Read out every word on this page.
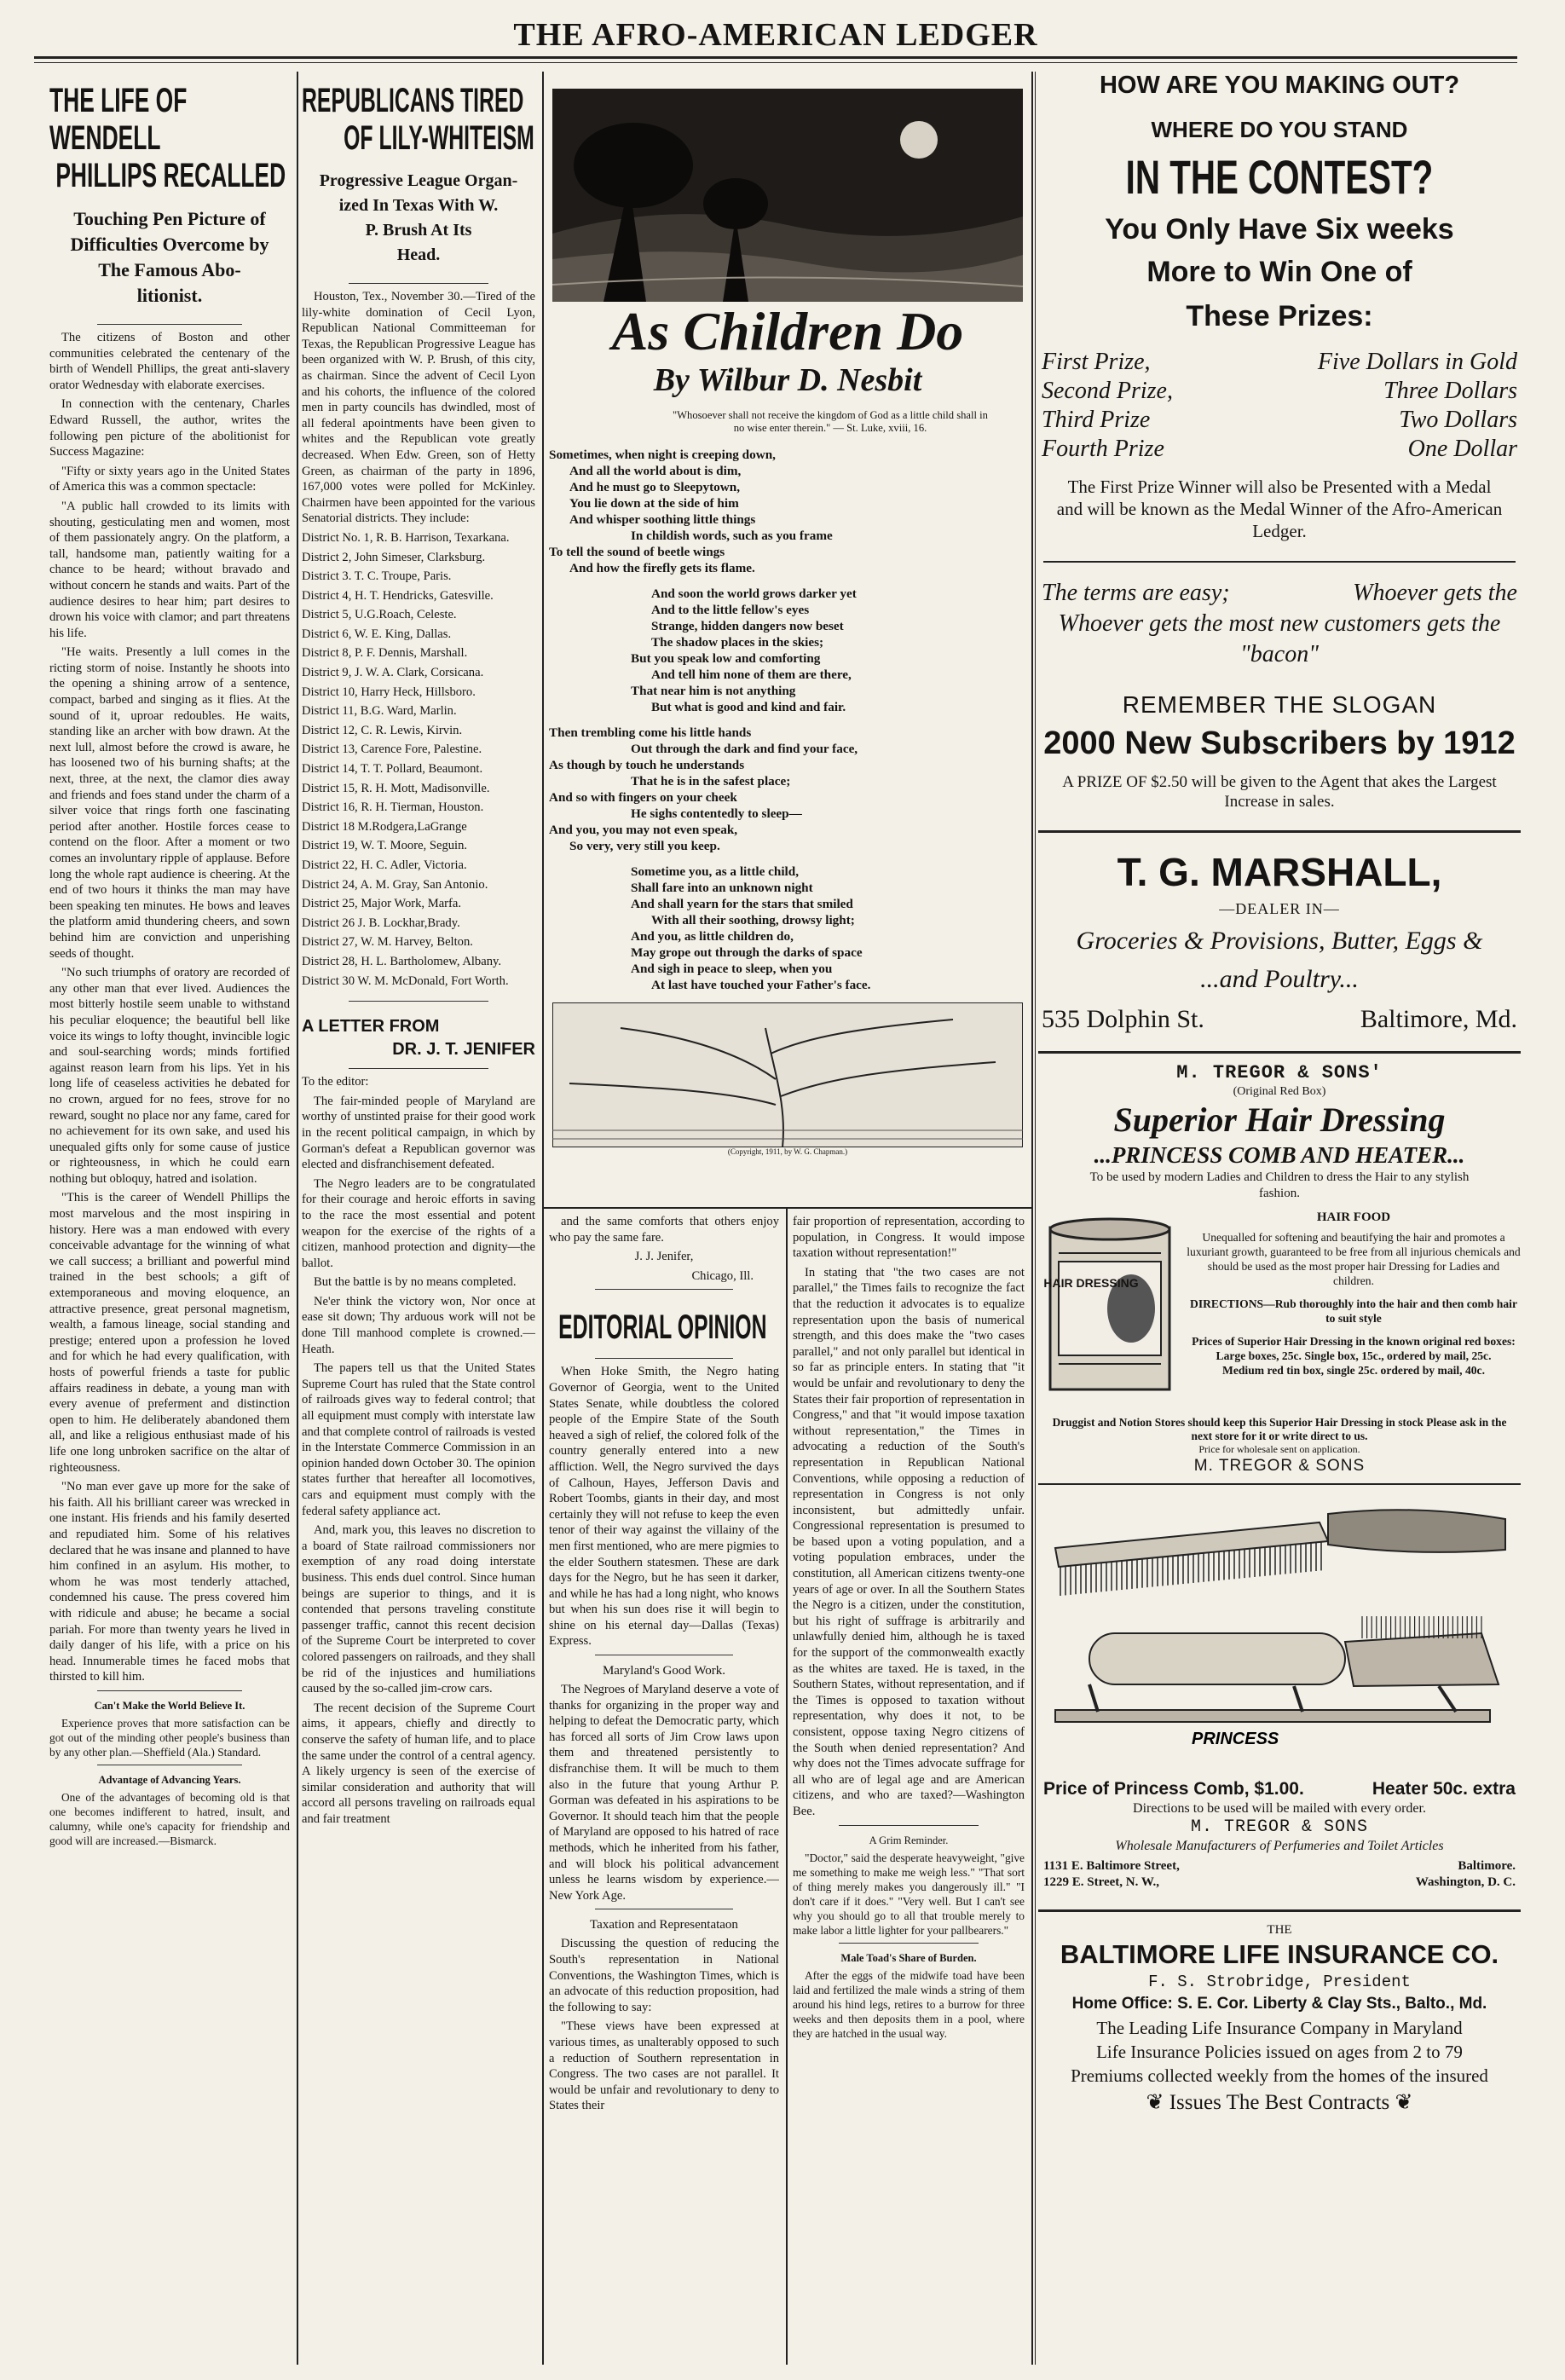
THE AFRO-AMERICAN LEDGER
THE LIFE OF WENDELL
PHILLIPS RECALLED
Touching Pen Picture of
Difficulties Overcome by
The Famous Abo-
litionist.

The citizens of Boston and other communities celebrated the centenary of the birth of Wendell Phillips, the great anti-slavery orator Wednesday with elaborate exercises.

In connection with the centenary, Charles Edward Russell, the author, writes the following pen picture of the abolitionist for Success Magazine:

"Fifty or sixty years ago in the United States of America this was a common spectacle:

"A public hall crowded to its limits with shouting, gesticulating men and women, most of them passionately angry. On the platform, a tall, handsome man, patiently waiting for a chance to be heard; without bravado and without concern he stands and waits. Part of the audience desires to hear him; part desires to drown his voice with clamor; and part threatens his life.

"He waits. Presently a lull comes in the ricting storm of noise. Instantly he shoots into the opening a shining arrow of a sentence, compact, barbed and singing as it flies. At the sound of it, uproar redoubles. He waits, standing like an archer with bow drawn. At the next lull, almost before the crowd is aware, he has loosened two of his burning shafts; at the next, three, at the next, the clamor dies away and friends and foes stand under the charm of a silver voice that rings forth one fascinating period after another. Hostile forces cease to contend on the floor. After a moment or two comes an involuntary ripple of applause. Before long the whole rapt audience is cheering. At the end of two hours it thinks the man may have been speaking ten minutes. He bows and leaves the platform amid thundering cheers, and sown behind him are conviction and unperishing seeds of thought.

"No such triumphs of oratory are recorded of any other man that ever lived. Audiences the most bitterly hostile seem unable to withstand his peculiar eloquence; the beautiful bell like voice its wings to lofty thought, invincible logic and soul-searching words; minds fortified against reason learn from his lips. Yet in his long life of ceaseless activities he debated for no crown, argued for no fees, strove for no reward, sought no place nor any fame, cared for no achievement for its own sake, and used his unequaled gifts only for some cause of justice or righteousness, in which he could earn nothing but obloquy, hatred and isolation.

"This is the career of Wendell Phillips the most marvelous and the most inspiring in history. Here was a man endowed with every conceivable advantage for the winning of what we call success; a brilliant and powerful mind trained in the best schools; a gift of extemporaneous and moving eloquence, an attractive presence, great personal magnetism, wealth, a famous lineage, social standing and prestige; entered upon a profession he loved and for which he had every qualification, with hosts of powerful friends a taste for public affairs readiness in debate, a young man with every avenue of preferment and distinction open to him. He deliberately abandoned them all, and like a religious enthusiast made of his life one long unbroken sacrifice on the altar of righteousness.

"No man ever gave up more for the sake of his faith. All his brilliant career was wrecked in one instant. His friends and his family deserted and repudiated him. Some of his relatives declared that he was insane and planned to have him confined in an asylum. His mother, to whom he was most tenderly attached, condemned his cause. The press covered him with ridicule and abuse; he became a social pariah. For more than twenty years he lived in daily danger of his life, with a price on his head. Innumerable times he faced mobs that thirsted to kill him.

Can't Make the World Believe It.

Experience proves that more satisfaction can be got out of the minding other people's business than by any other plan.—Sheffield (Ala.) Standard.

Advantage of Advancing Years.

One of the advantages of becoming old is that one becomes indifferent to hatred, insult, and calumny, while one's capacity for friendship and good will are increased.—Bismarck.

REPUBLICANS TIRED
OF LILY-WHITEISM
Progressive League Organ-
ized In Texas With W.
P. Brush At Its
Head.

Houston, Tex., November 30.—Tired of the lily-white domination of Cecil Lyon, Republican National Committeeman for Texas, the Republican Progressive League has been organized with W. P. Brush, of this city, as chairman. Since the advent of Cecil Lyon and his cohorts, the influence of the colored men in party councils has dwindled, most of all federal apointments have been given to whites and the Republican vote greatly decreased. When Edw. Green, son of Hetty Green, as chairman of the party in 1896, 167,000 votes were polled for McKinley. Chairmen have been appointed for the various Senatorial districts. They include:

District No. 1, R. B. Harrison, Texarkana.

District 2, John Simeser, Clarksburg.

District 3. T. C. Troupe, Paris.

District 4, H. T. Hendricks, Gatesville.

District 5, U.G.Roach, Celeste.

District 6, W. E. King, Dallas.

District 8, P. F. Dennis, Marshall.

District 9, J. W. A. Clark, Corsicana.

District 10, Harry Heck, Hillsboro.

District 11, B.G. Ward, Marlin.

District 12, C. R. Lewis, Kirvin.

District 13, Carence Fore, Palestine.

District 14, T. T. Pollard, Beaumont.

District 15, R. H. Mott, Madisonville.

District 16, R. H. Tierman, Houston.

District 18 M.Rodgera,LaGrange

District 19, W. T. Moore, Seguin.

District 22, H. C. Adler, Victoria.

District 24, A. M. Gray, San Antonio.

District 25, Major Work, Marfa.

District 26 J. B. Lockhar,Brady.

District 27, W. M. Harvey, Belton.

District 28, H. L. Bartholomew, Albany.

District 30 W. M. McDonald, Fort Worth.

A LETTER FROM
DR. J. T. JENIFER

To the editor:

The fair-minded people of Maryland are worthy of unstinted praise for their good work in the recent political campaign, in which by Gorman's defeat a Republican governor was elected and disfranchisement defeated.

The Negro leaders are to be congratulated for their courage and heroic efforts in saving to the race the most essential and potent weapon for the exercise of the rights of a citizen, manhood protection and dignity—the ballot.

But the battle is by no means completed.

Ne'er think the victory won, Nor once at ease sit down; Thy arduous work will not be done Till manhood complete is crowned.—Heath.

The papers tell us that the United States Supreme Court has ruled that the State control of railroads gives way to federal control; that all equipment must comply with interstate law and that complete control of railroads is vested in the Interstate Commerce Commission in an opinion handed down October 30. The opinion states further that hereafter all locomotives, cars and equipment must comply with the federal safety appliance act.

And, mark you, this leaves no discretion to a board of State railroad commissioners nor exemption of any road doing interstate business. This ends duel control. Since human beings are superior to things, and it is contended that persons traveling constitute passenger traffic, cannot this recent decision of the Supreme Court be interpreted to cover colored passengers on railroads, and they shall be rid of the injustices and humiliations caused by the so-called jim-crow cars.

The recent decision of the Supreme Court aims, it appears, chiefly and directly to conserve the safety of human life, and to place the same under the control of a central agency. A likely urgency is seen of the exercise of similar consideration and authority that will accord all persons traveling on railroads equal and fair treatment

As Children Do
By Wilbur D. Nesbit
"Whosoever shall not receive the kingdom of God as a little child shall in no wise enter therein." — St. Luke, xviii, 16.
Sometimes, when night is creeping down,
And all the world about is dim,
And he must go to Sleepytown,
You lie down at the side of him
And whisper soothing little things
In childish words, such as you frame
To tell the sound of beetle wings
And how the firefly gets its flame.
And soon the world grows darker yet
And to the little fellow's eyes
Strange, hidden dangers now beset
The shadow places in the skies;
But you speak low and comforting
And tell him none of them are there,
That near him is not anything
But what is good and kind and fair.
Then trembling come his little hands
Out through the dark and find your face,
As though by touch he understands
That he is in the safest place;
And so with fingers on your cheek
He sighs contentedly to sleep—
And you, you may not even speak,
So very, very still you keep.
Sometime you, as a little child,
Shall fare into an unknown night
And shall yearn for the stars that smiled
With all their soothing, drowsy light;
And you, as little children do,
May grope out through the darks of space
And sigh in peace to sleep, when you
At last have touched your Father's face.
(Copyright, 1911, by W. G. Chapman.)

and the same comforts that others enjoy who pay the same fare.

J. J. Jenifer,

Chicago, Ill.

EDITORIAL OPINION

When Hoke Smith, the Negro hating Governor of Georgia, went to the United States Senate, while doubtless the colored people of the Empire State of the South heaved a sigh of relief, the colored folk of the country generally entered into a new affliction. Well, the Negro survived the days of Calhoun, Hayes, Jefferson Davis and Robert Toombs, giants in their day, and most certainly they will not refuse to keep the even tenor of their way against the villainy of the men first mentioned, who are mere pigmies to the elder Southern statesmen. These are dark days for the Negro, but he has seen it darker, and while he has had a long night, who knows but when his sun does rise it will begin to shine on his eternal day—Dallas (Texas) Express.

Maryland's Good Work.

The Negroes of Maryland deserve a vote of thanks for organizing in the proper way and helping to defeat the Democratic party, which has forced all sorts of Jim Crow laws upon them and threatened persistently to disfranchise them. It will be much to them also in the future that young Arthur P. Gorman was defeated in his aspirations to be Governor. It should teach him that the people of Maryland are opposed to his hatred of race methods, which he inherited from his father, and will block his political advancement unless he learns wisdom by experience.—New York Age.

Taxation and Representataon

Discussing the question of reducing the South's representation in National Conventions, the Washington Times, which is an advocate of this reduction proposition, had the following to say:

"These views have been expressed at various times, as unalterably opposed to such a reduction of Southern representation in Congress. The two cases are not parallel. It would be unfair and revolutionary to deny to States their

fair proportion of representation, according to population, in Congress. It would impose taxation without representation!"

In stating that "the two cases are not parallel," the Times fails to recognize the fact that the reduction it advocates is to equalize representation upon the basis of numerical strength, and this does make the "two cases parallel," and not only parallel but identical in so far as principle enters. In stating that "it would be unfair and revolutionary to deny the States their fair proportion of representation in Congress," and that "it would impose taxation without representation," the Times in advocating a reduction of the South's representation in Republican National Conventions, while opposing a reduction of representation in Congress is not only inconsistent, but admittedly unfair. Congressional representation is presumed to be based upon a voting population, and a voting population embraces, under the constitution, all American citizens twenty-one years of age or over. In all the Southern States the Negro is a citizen, under the constitution, but his right of suffrage is arbitrarily and unlawfully denied him, although he is taxed for the support of the commonwealth exactly as the whites are taxed. He is taxed, in the Southern States, without representation, and if the Times is opposed to taxation without representation, why does it not, to be consistent, oppose taxing Negro citizens of the South when denied representation? And why does not the Times advocate suffrage for all who are of legal age and are American citizens, and who are taxed?—Washington Bee.

A Grim Reminder.

"Doctor," said the desperate heavyweight, "give me something to make me weigh less." "That sort of thing merely makes you dangerously ill." "I don't care if it does." "Very well. But I can't see why you should go to all that trouble merely to make labor a little lighter for your pallbearers."

Male Toad's Share of Burden.

After the eggs of the midwife toad have been laid and fertilized the male winds a string of them around his hind legs, retires to a burrow for three weeks and then deposits them in a pool, where they are hatched in the usual way.

HOW ARE YOU MAKING OUT?
WHERE DO YOU STAND
IN THE CONTEST?
You Only Have Six weeks
More to Win One of
These Prizes:
First Prize,	Five Dollars in Gold
Second Prize,	Three Dollars
Third Prize	Two Dollars
Fourth Prize	One Dollar
The First Prize Winner will also be Presented with a Medal and will be known as the Medal Winner of the Afro-American Ledger.
The terms are easy;	Whoever gets the
Whoever gets the most new customers gets the "bacon"
REMEMBER THE SLOGAN
2000 New Subscribers by 1912
A PRIZE OF $2.50 will be given to the Agent that akes the Largest Increase in sales.
T. G. MARSHALL,
—DEALER IN—
Groceries & Provisions, Butter, Eggs &
...and Poultry...
535 Dolphin St.	Baltimore, Md.
M. TREGOR & SONS'
(Original Red Box)
Superior Hair Dressing
...PRINCESS COMB AND HEATER...
To be used by modern Ladies and Children to dress the Hair to any stylish fashion.
HAIR DRESSING
HAIR FOOD
Unequalled for softening and beautifying the hair and promotes a luxuriant growth, guaranteed to be free from all injurious chemicals and should be used as the most proper hair Dressing for Ladies and children.
DIRECTIONS—Rub thoroughly into the hair and then comb hair to suit style
Prices of Superior Hair Dressing in the known original red boxes:
Large boxes, 25c. Single box, 15c., ordered by mail, 25c.
Medium red tin box, single 25c. ordered by mail, 40c.
Druggist and Notion Stores should keep this Superior Hair Dressing in stock Please ask in the next store for it or write direct to us.
Price for wholesale sent on application.
M. TREGOR & SONS
PRINCESS
Price of Princess Comb, $1.00.	Heater 50c. extra
Directions to be used will be mailed with every order.
M. TREGOR & SONS
Wholesale Manufacturers of Perfumeries and Toilet Articles
1131 E. Baltimore Street,	Baltimore.
1229 E. Street, N. W.,	Washington, D. C.
THE
BALTIMORE LIFE INSURANCE CO.
F. S. Strobridge, President
Home Office: S. E. Cor. Liberty & Clay Sts., Balto., Md.
The Leading Life Insurance Company in Maryland
Life Insurance Policies issued on ages from 2 to 79
Premiums collected weekly from the homes of the insured
❦ Issues The Best Contracts ❦
